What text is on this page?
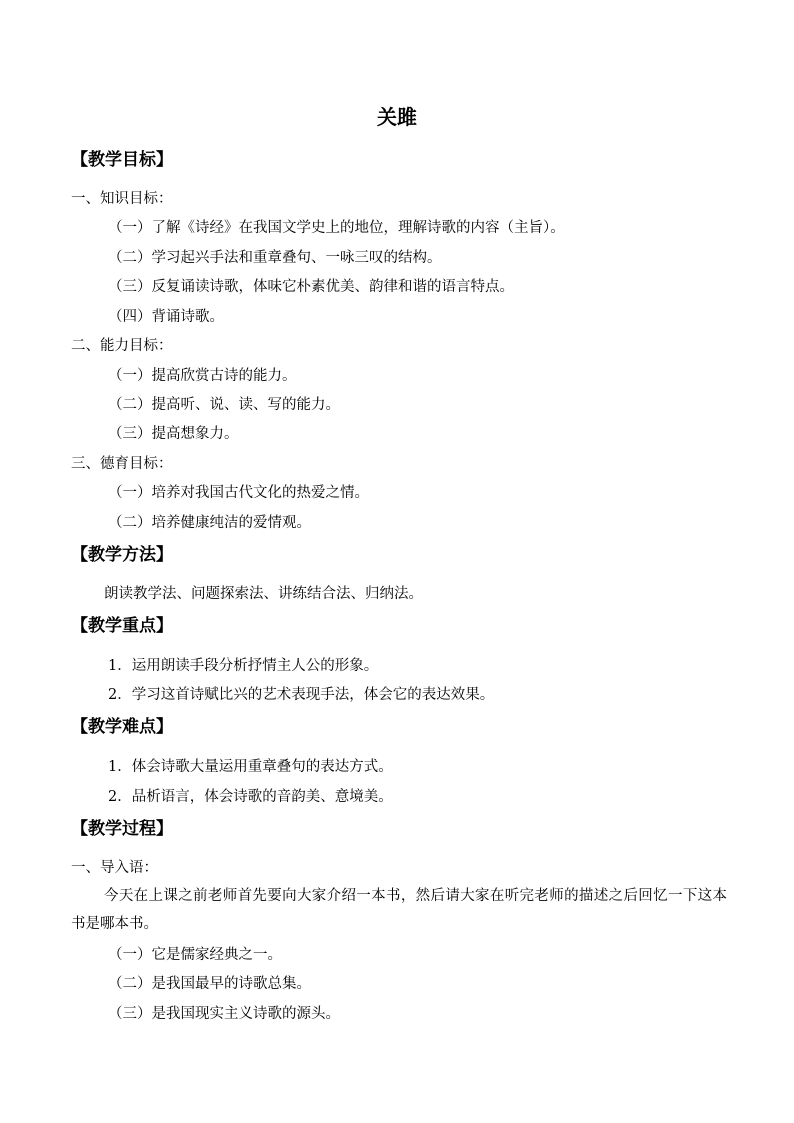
关雎
【教学目标】
一、知识目标：
（一）了解《诗经》在我国文学史上的地位，理解诗歌的内容（主旨）。
（二）学习起兴手法和重章叠句、一咏三叹的结构。
（三）反复诵读诗歌，体味它朴素优美、韵律和谐的语言特点。
（四）背诵诗歌。
二、能力目标：
（一）提高欣赏古诗的能力。
（二）提高听、说、读、写的能力。
（三）提高想象力。
三、德育目标：
（一）培养对我国古代文化的热爱之情。
（二）培养健康纯洁的爱情观。
【教学方法】
朗读教学法、问题探索法、讲练结合法、归纳法。
【教学重点】
1．运用朗读手段分析抒情主人公的形象。
2．学习这首诗赋比兴的艺术表现手法，体会它的表达效果。
【教学难点】
1．体会诗歌大量运用重章叠句的表达方式。
2．品析语言，体会诗歌的音韵美、意境美。
【教学过程】
一、导入语：
今天在上课之前老师首先要向大家介绍一本书，然后请大家在听完老师的描述之后回忆一下这本书是哪本书。
（一）它是儒家经典之一。
（二）是我国最早的诗歌总集。
（三）是我国现实主义诗歌的源头。
